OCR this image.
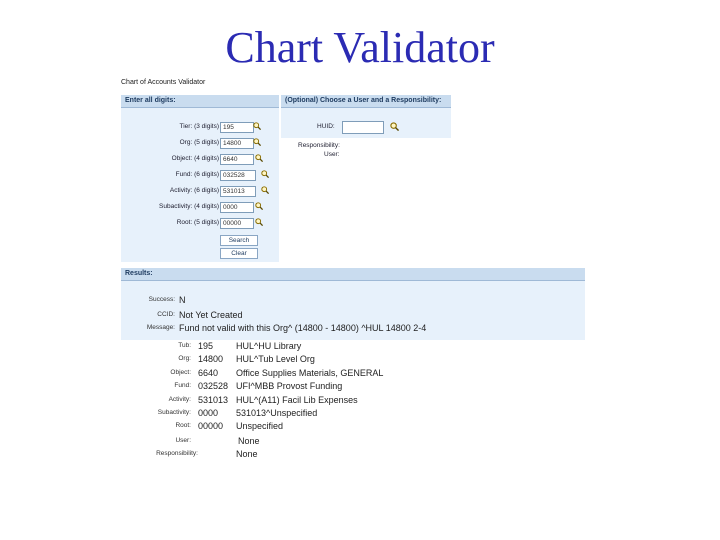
Chart Validator
Chart of Accounts Validator
Enter all digits:
Tier: (3 digits) 195
Org: (5 digits) 14800
Object: (4 digits) 6640
Fund: (6 digits) 032528
Activity: (6 digits) 531013
Subactivity: (4 digits) 0000
Root: (5 digits) 00000
Search
Clear
(Optional) Choose a User and a Responsibility:
HUID:
Responsibility:
User:
Results:
Success: N
CCID: Not Yet Created
Message: Fund not valid with this Org^ (14800 - 14800) ^HUL 14800 2-4
Tub: 195	HUL^HU Library
Org: 14800 HUL^Tub Level Org
Object: 6640 Office Supplies Materials, GENERAL
Fund: 032528 UFI^MBB Provost Funding
Activity: 531013 HUL^(A11) Facil Lib Expenses
Subactivity: 0000 531013^Unspecified
Root: 00000 Unspecified
User:	None
Responsibility:	None
